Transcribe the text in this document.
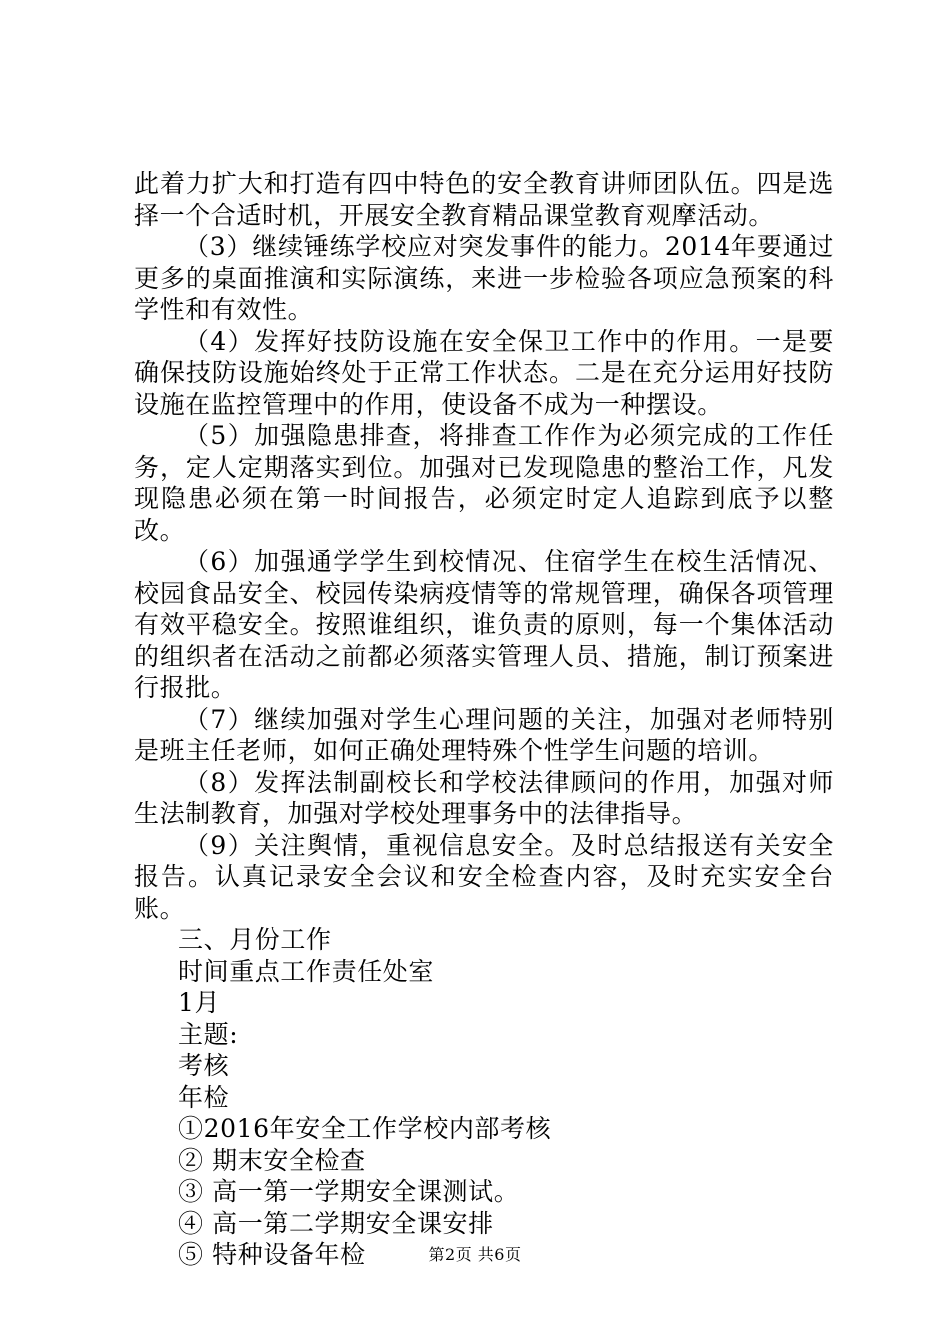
此着力扩大和打造有四中特色的安全教育讲师团队伍。四是选择一个合适时机，开展安全教育精品课堂教育观摩活动。

（3）继续锤练学校应对突发事件的能力。2014年要通过更多的桌面推演和实际演练，来进一步检验各项应急预案的科学性和有效性。

（4）发挥好技防设施在安全保卫工作中的作用。一是要确保技防设施始终处于正常工作状态。二是在充分运用好技防设施在监控管理中的作用，使设备不成为一种摆设。

（5）加强隐患排查，将排查工作作为必须完成的工作任务，定人定期落实到位。加强对已发现隐患的整治工作，凡发现隐患必须在第一时间报告，必须定时定人追踪到底予以整改。

（6）加强通学学生到校情况、住宿学生在校生活情况、校园食品安全、校园传染病疫情等的常规管理，确保各项管理有效平稳安全。按照谁组织，谁负责的原则，每一个集体活动的组织者在活动之前都必须落实管理人员、措施，制订预案进行报批。

（7）继续加强对学生心理问题的关注，加强对老师特别是班主任老师，如何正确处理特殊个性学生问题的培训。

（8）发挥法制副校长和学校法律顾问的作用，加强对师生法制教育，加强对学校处理事务中的法律指导。

（9）关注舆情，重视信息安全。及时总结报送有关安全报告。认真记录安全会议和安全检查内容，及时充实安全台账。

三、月份工作

时间重点工作责任处室

1月

主题:

考核

年检

①2016年安全工作学校内部考核

② 期末安全检查

③ 高一第一学期安全课测试。

④ 高一第二学期安全课安排

⑤ 特种设备年检	第2页 共6页
